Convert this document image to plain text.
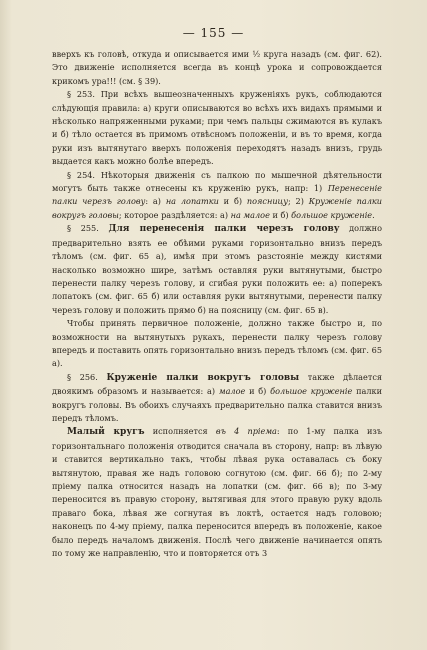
— 155 —

вверхъ къ головѣ, откуда и описывается ими ½ круга назадъ (см. фиг. 62). Это движеніе исполняется всегда въ концѣ урока и сопровождается крикомъ ура!!! (см. § 39).

§ 253. При всѣхъ вышеозначенныхъ круженіяхъ рукъ, соблюдаются слѣдующія правила: а) круги описываются во всѣхъ ихъ видахъ прямыми и нѣсколько напряженными руками; при чемъ пальцы сжимаются въ кулакъ и б) тѣло остается въ примомъ отвѣсномъ положеніи, и въ то время, когда руки изъ вытянутаго вверхъ положенія переходятъ назадъ внизъ, грудь выдается какъ можно болѣе впередъ.

§ 254. Нѣкоторыя движенія съ палкою по мышечной дѣятельности могутъ быть также отнесены къ круженію рукъ, напр: 1) Перенесеніе палки черезъ голову: а) на лопатки и б) поясницу; 2) Круженіе палки вокругъ головы; которое раздѣляется: а) на малое и б) большое круженіе.

§ 255. Для перенесенія палки черезъ голову должно предварительно взять ее обѣими руками горизонтально внизъ передъ тѣломъ (см. фиг. 65 а), имѣя при этомъ разстояніе между кистями насколько возможно шире, затѣмъ оставляя руки вытянутыми, быстро перенести палку черезъ голову, и сгибая руки положить ее: а) поперекъ лопатокъ (см. фиг. 65 б) или оставляя руки вытянутыми, перенести палку черезъ голову и положить прямо б) на поясницу (см. фиг. 65 в).

Чтобы принять первичное положеніе, должно также быстро и, по возможности на вытянутыхъ рукахъ, перенести палку черезъ голову впередъ и поставить опять горизонтально внизъ передъ тѣломъ (см. фиг. 65 а).

§ 256. Круженіе палки вокругъ головы также дѣлается двоякимъ образомъ и называется: а) малое и б) большое круженіе палки вокругъ головы. Въ обоихъ случаяхъ предварительно палка ставится внизъ передъ тѣломъ.

Малый кругъ исполняется въ 4 пріема: по 1-му палка изъ горизонтальнаго положенія отводится сначала въ сторону, напр: въ лѣвую и ставится вертикально такъ, чтобы лѣвая рука оставалась съ боку вытянутою, правая же надъ головою согнутою (см. фиг. 66 б); по 2-му пріему палка относится назадъ на лопатки (см. фиг. 66 в); по 3-му переносится въ правую сторону, вытягивая для этого правую руку вдоль праваго бока, лѣвая же согнутая въ локтѣ, остается надъ головою; наконецъ по 4-му пріему, палка переносится впередъ въ положеніе, какое было передъ началомъ движенія. Послѣ чего движеніе начинается опять по тому же направленію, что и повторяется отъ 3
